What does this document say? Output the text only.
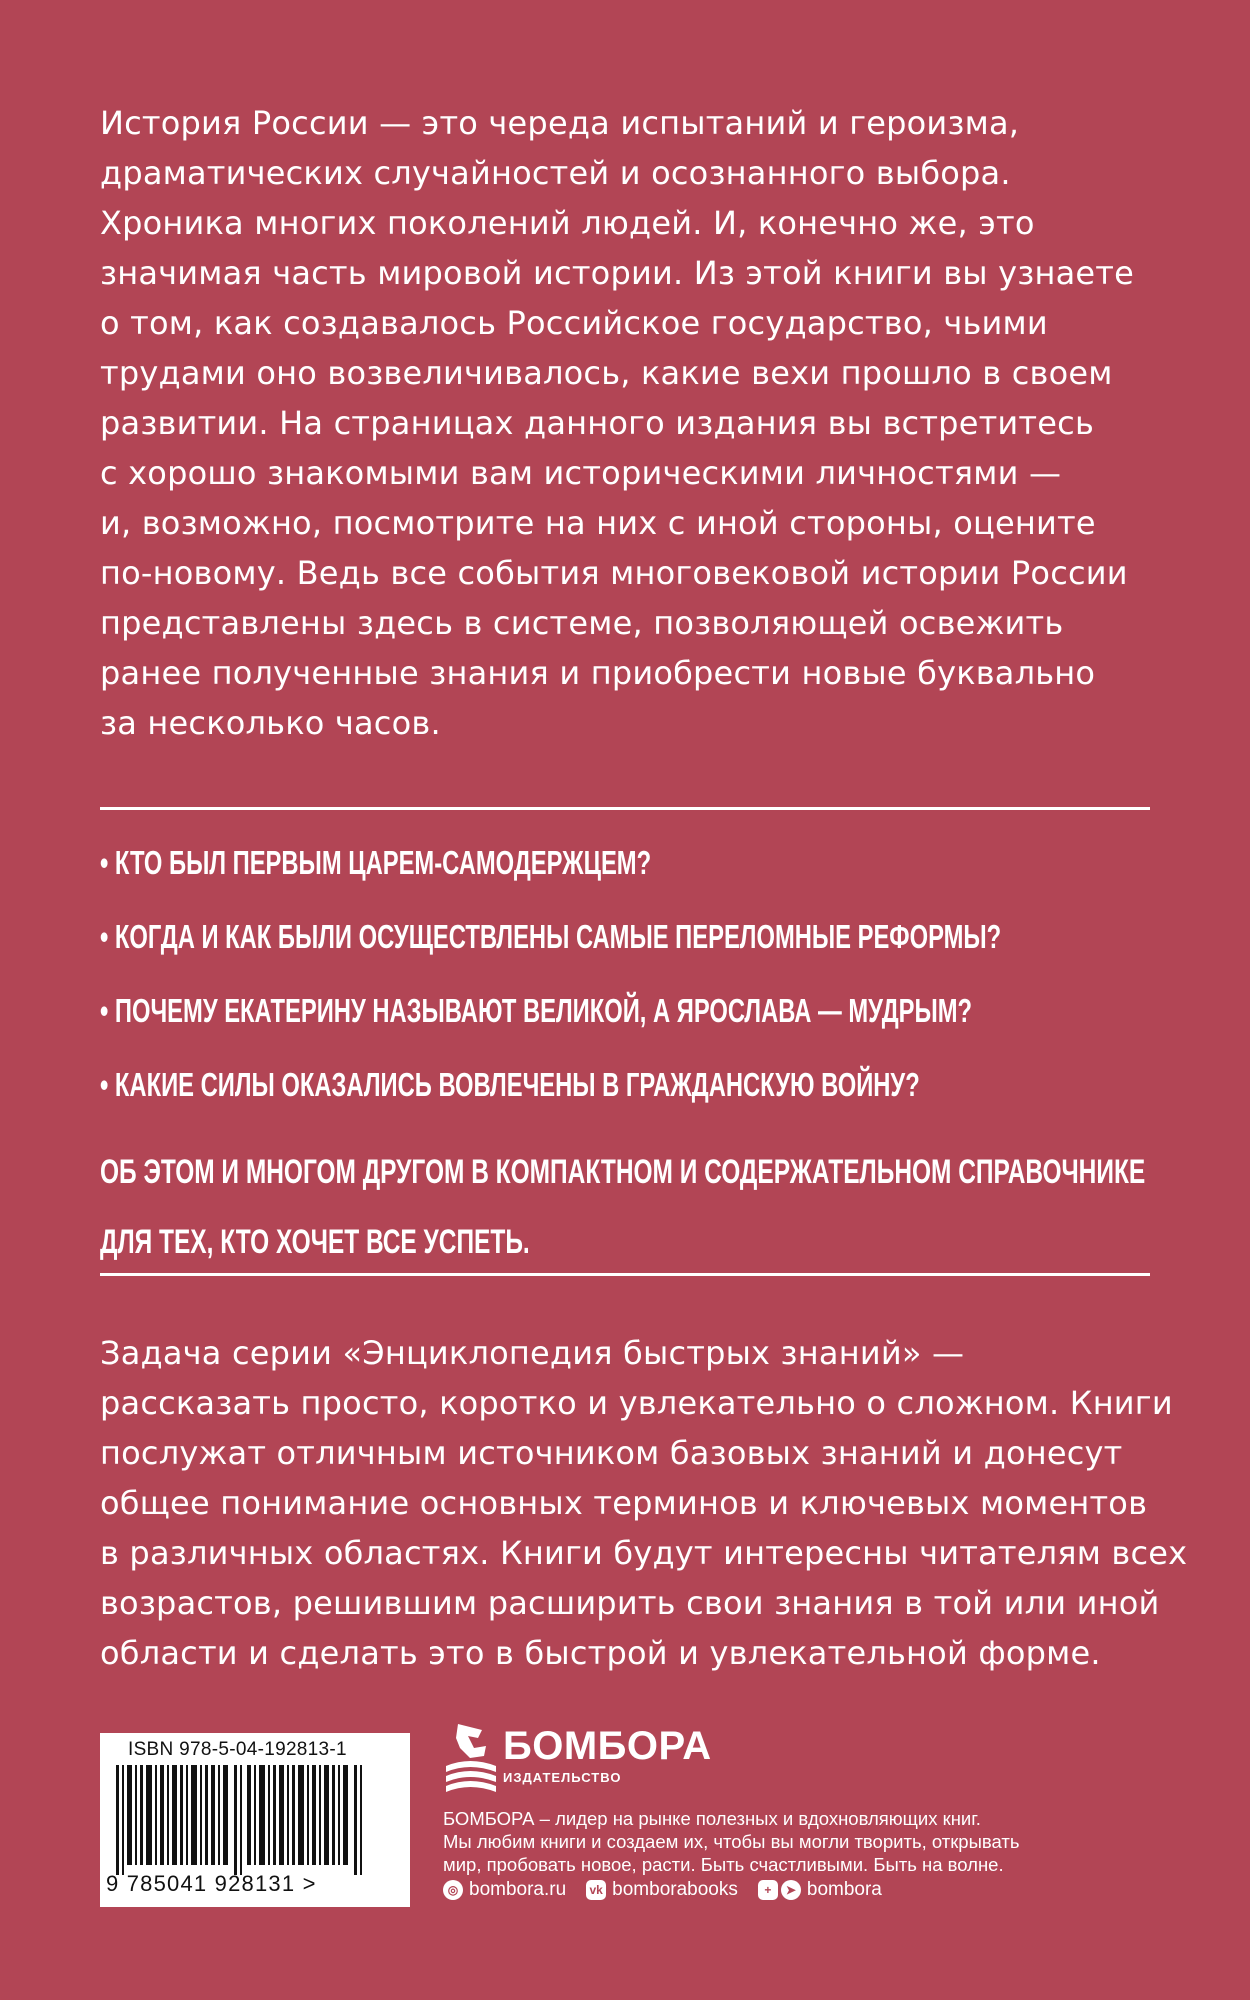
История России — это череда испытаний и героизма,
драматических случайностей и осознанного выбора.
Хроника многих поколений людей. И, конечно же, это
значимая часть мировой истории. Из этой книги вы узнаете
о том, как создавалось Российское государство, чьими
трудами оно возвеличивалось, какие вехи прошло в своем
развитии. На страницах данного издания вы встретитесь
с хорошо знакомыми вам историческими личностями —
и, возможно, посмотрите на них с иной стороны, оцените
по-новому. Ведь все события многовековой истории России
представлены здесь в системе, позволяющей освежить
ранее полученные знания и приобрести новые буквально
за несколько часов.
• КТО БЫЛ ПЕРВЫМ ЦАРЕМ-САМОДЕРЖЦЕМ?
• КОГДА И КАК БЫЛИ ОСУЩЕСТВЛЕНЫ САМЫЕ ПЕРЕЛОМНЫЕ РЕФОРМЫ?
• ПОЧЕМУ ЕКАТЕРИНУ НАЗЫВАЮТ ВЕЛИКОЙ, А ЯРОСЛАВА — МУДРЫМ?
• КАКИЕ СИЛЫ ОКАЗАЛИСЬ ВОВЛЕЧЕНЫ В ГРАЖДАНСКУЮ ВОЙНУ?
ОБ ЭТОМ И МНОГОМ ДРУГОМ В КОМПАКТНОМ И СОДЕРЖАТЕЛЬНОМ СПРАВОЧНИКЕ
ДЛЯ ТЕХ, КТО ХОЧЕТ ВСЕ УСПЕТЬ.
Задача серии «Энциклопедия быстрых знаний» —
рассказать просто, коротко и увлекательно о сложном. Книги
послужат отличным источником базовых знаний и донесут
общее понимание основных терминов и ключевых моментов
в различных областях. Книги будут интересны читателям всех
возрастов, решившим расширить свои знания в той или иной
области и сделать это в быстрой и увлекательной форме.
ISBN 978-5-04-192813-1
9 785041 928131 >
БОМБОРА
ИЗДАТЕЛЬСТВО
БОМБОРА – лидер на рынке полезных и вдохновляющих книг.
Мы любим книги и создаем их, чтобы вы могли творить, открывать
мир, пробовать новое, расти. Быть счастливыми. Быть на волне.
◎ bombora.ru vk bomborabooks	+	➤ bombora
